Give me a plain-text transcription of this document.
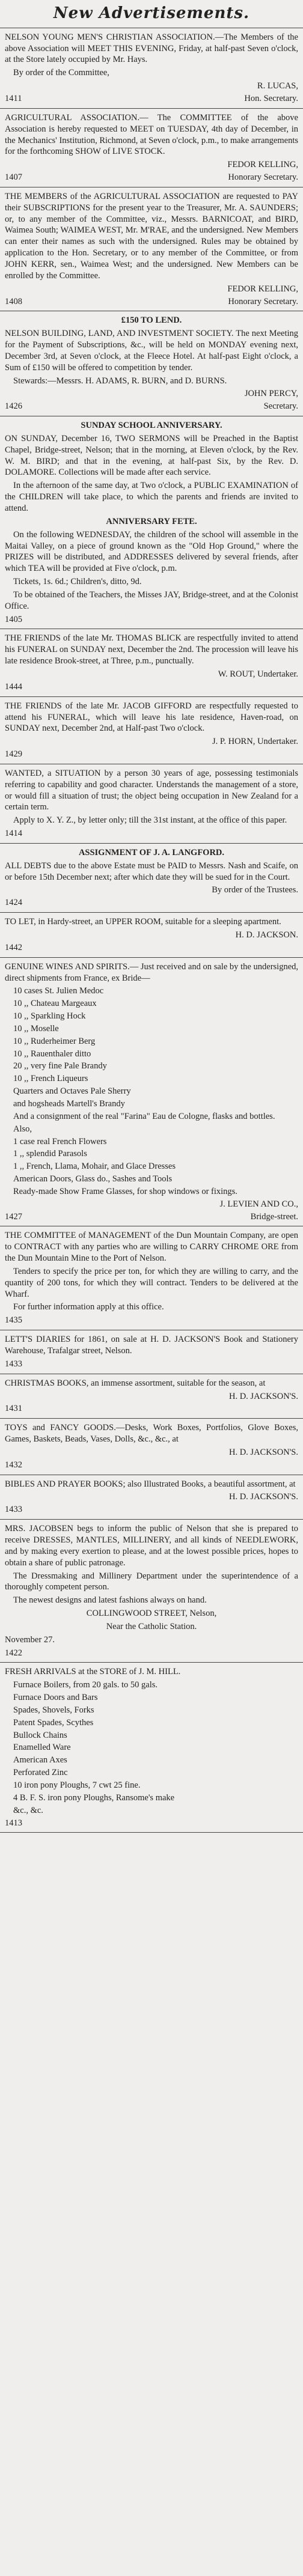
New Advertisements.

NELSON YOUNG MEN'S CHRISTIAN ASSOCIATION.—The Members of the above Association will MEET THIS EVENING, Friday, at half-past Seven o'clock, at the Store lately occupied by Mr. Hays.

By order of the Committee,

R. LUCAS,
1411	Hon. Secretary.

AGRICULTURAL ASSOCIATION.— The COMMITTEE of the above Association is hereby requested to MEET on TUESDAY, 4th day of December, in the Mechanics' Institution, Richmond, at Seven o'clock, p.m., to make arrangements for the forthcoming SHOW of LIVE STOCK.

FEDOR KELLING,
1407	Honorary Secretary.

THE MEMBERS of the AGRICULTURAL ASSOCIATION are requested to PAY their SUBSCRIPTIONS for the present year to the Treasurer, Mr. A. SAUNDERS; or, to any member of the Committee, viz., Messrs. BARNICOAT, and BIRD, Waimea South; WAIMEA WEST, Mr. M'RAE, and the undersigned. New Members can enter their names as such with the undersigned. Rules may be obtained by application to the Hon. Secretary, or to any member of the Committee, or from JOHN KERR, sen., Waimea West; and the undersigned. New Members can be enrolled by the Committee.

FEDOR KELLING,
1408	Honorary Secretary.

£150 TO LEND.

NELSON BUILDING, LAND, AND INVESTMENT SOCIETY. The next Meeting for the Payment of Subscriptions, &c., will be held on MONDAY evening next, December 3rd, at Seven o'clock, at the Fleece Hotel. At half-past Eight o'clock, a Sum of £150 will be offered to competition by tender.

Stewards:—Messrs. H. ADAMS, R. BURN, and D. BURNS.

JOHN PERCY,
1426	Secretary.

SUNDAY SCHOOL ANNIVERSARY.

ON SUNDAY, December 16, TWO SERMONS will be Preached in the Baptist Chapel, Bridge-street, Nelson; that in the morning, at Eleven o'clock, by the Rev. W. M. BIRD; and that in the evening, at half-past Six, by the Rev. D. DOLAMORE. Collections will be made after each service.

In the afternoon of the same day, at Two o'clock, a PUBLIC EXAMINATION of the CHILDREN will take place, to which the parents and friends are invited to attend.

ANNIVERSARY FETE.

On the following WEDNESDAY, the children of the school will assemble in the Maitai Valley, on a piece of ground known as the "Old Hop Ground," where the PRIZES will be distributed, and ADDRESSES delivered by several friends, after which TEA will be provided at Five o'clock, p.m.

Tickets, 1s. 6d.; Children's, ditto, 9d.

To be obtained of the Teachers, the Misses JAY, Bridge-street, and at the Colonist Office.

1405

THE FRIENDS of the late Mr. THOMAS BLICK are respectfully invited to attend his FUNERAL on SUNDAY next, December the 2nd. The procession will leave his late residence Brook-street, at Three, p.m., punctually.

W. ROUT, Undertaker.
1444

THE FRIENDS of the late Mr. JACOB GIFFORD are respectfully requested to attend his FUNERAL, which will leave his late residence, Haven-road, on SUNDAY next, December 2nd, at Half-past Two o'clock.

J. P. HORN, Undertaker.
1429

WANTED, a SITUATION by a person 30 years of age, possessing testimonials referring to capability and good character. Understands the management of a store, or would fill a situation of trust; the object being occupation in New Zealand for a certain term.

Apply to X. Y. Z., by letter only; till the 31st instant, at the office of this paper.

1414

ASSIGNMENT OF J. A. LANGFORD.

ALL DEBTS due to the above Estate must be PAID to Messrs. Nash and Scaife, on or before 15th December next; after which date they will be sued for in the Court.

By order of the Trustees.
1424

TO LET, in Hardy-street, an UPPER ROOM, suitable for a sleeping apartment.

H. D. JACKSON.
1442

GENUINE WINES AND SPIRITS.— Just received and on sale by the undersigned, direct shipments from France, ex Bride—

10 cases St. Julien Medoc
10 ,, Chateau Margeaux
10 ,, Sparkling Hock
10 ,, Moselle
10 ,, Ruderheimer Berg
10 ,, Rauenthaler ditto
20 ,, very fine Pale Brandy
10 ,, French Liqueurs
Quarters and Octaves Pale Sherry
and hogsheads Martell's Brandy
And a consignment of the real "Farina" Eau de Cologne, flasks and bottles.
Also,
1 case real French Flowers
1 ,, splendid Parasols
1 ,, French, Llama, Mohair, and Glace Dresses
American Doors, Glass do., Sashes and Tools
Ready-made Show Frame Glasses, for shop windows or fixings.
J. LEVIEN AND CO.,
1427	Bridge-street.

THE COMMITTEE of MANAGEMENT of the Dun Mountain Company, are open to CONTRACT with any parties who are willing to CARRY CHROME ORE from the Dun Mountain Mine to the Port of Nelson.

Tenders to specify the price per ton, for which they are willing to carry, and the quantity of 200 tons, for which they will contract. Tenders to be delivered at the Wharf.

For further information apply at this office.

1435

LETT'S DIARIES for 1861, on sale at H. D. JACKSON'S Book and Stationery Warehouse, Trafalgar street, Nelson.

1433

CHRISTMAS BOOKS, an immense assortment, suitable for the season, at

H. D. JACKSON'S.
1431

TOYS and FANCY GOODS.—Desks, Work Boxes, Portfolios, Glove Boxes, Games, Baskets, Beads, Vases, Dolls, &c., &c., at

H. D. JACKSON'S.
1432

BIBLES AND PRAYER BOOKS; also Illustrated Books, a beautiful assortment, at

H. D. JACKSON'S.
1433

MRS. JACOBSEN begs to inform the public of Nelson that she is prepared to receive DRESSES, MANTLES, MILLINERY, and all kinds of NEEDLEWORK, and by making every exertion to please, and at the lowest possible prices, hopes to obtain a share of public patronage.

The Dressmaking and Millinery Department under the superintendence of a thoroughly competent person.

The newest designs and latest fashions always on hand.

COLLINGWOOD STREET, Nelson,

Near the Catholic Station.

November 27.

1422

FRESH ARRIVALS at the STORE of J. M. HILL.

Furnace Boilers, from 20 gals. to 50 gals.
Furnace Doors and Bars
Spades, Shovels, Forks
Patent Spades, Scythes
Bullock Chains
Enamelled Ware
American Axes
Perforated Zinc
10 iron pony Ploughs, 7 cwt 25 fine.
4 B. F. S. iron pony Ploughs, Ransome's make
&c., &c.
1413
